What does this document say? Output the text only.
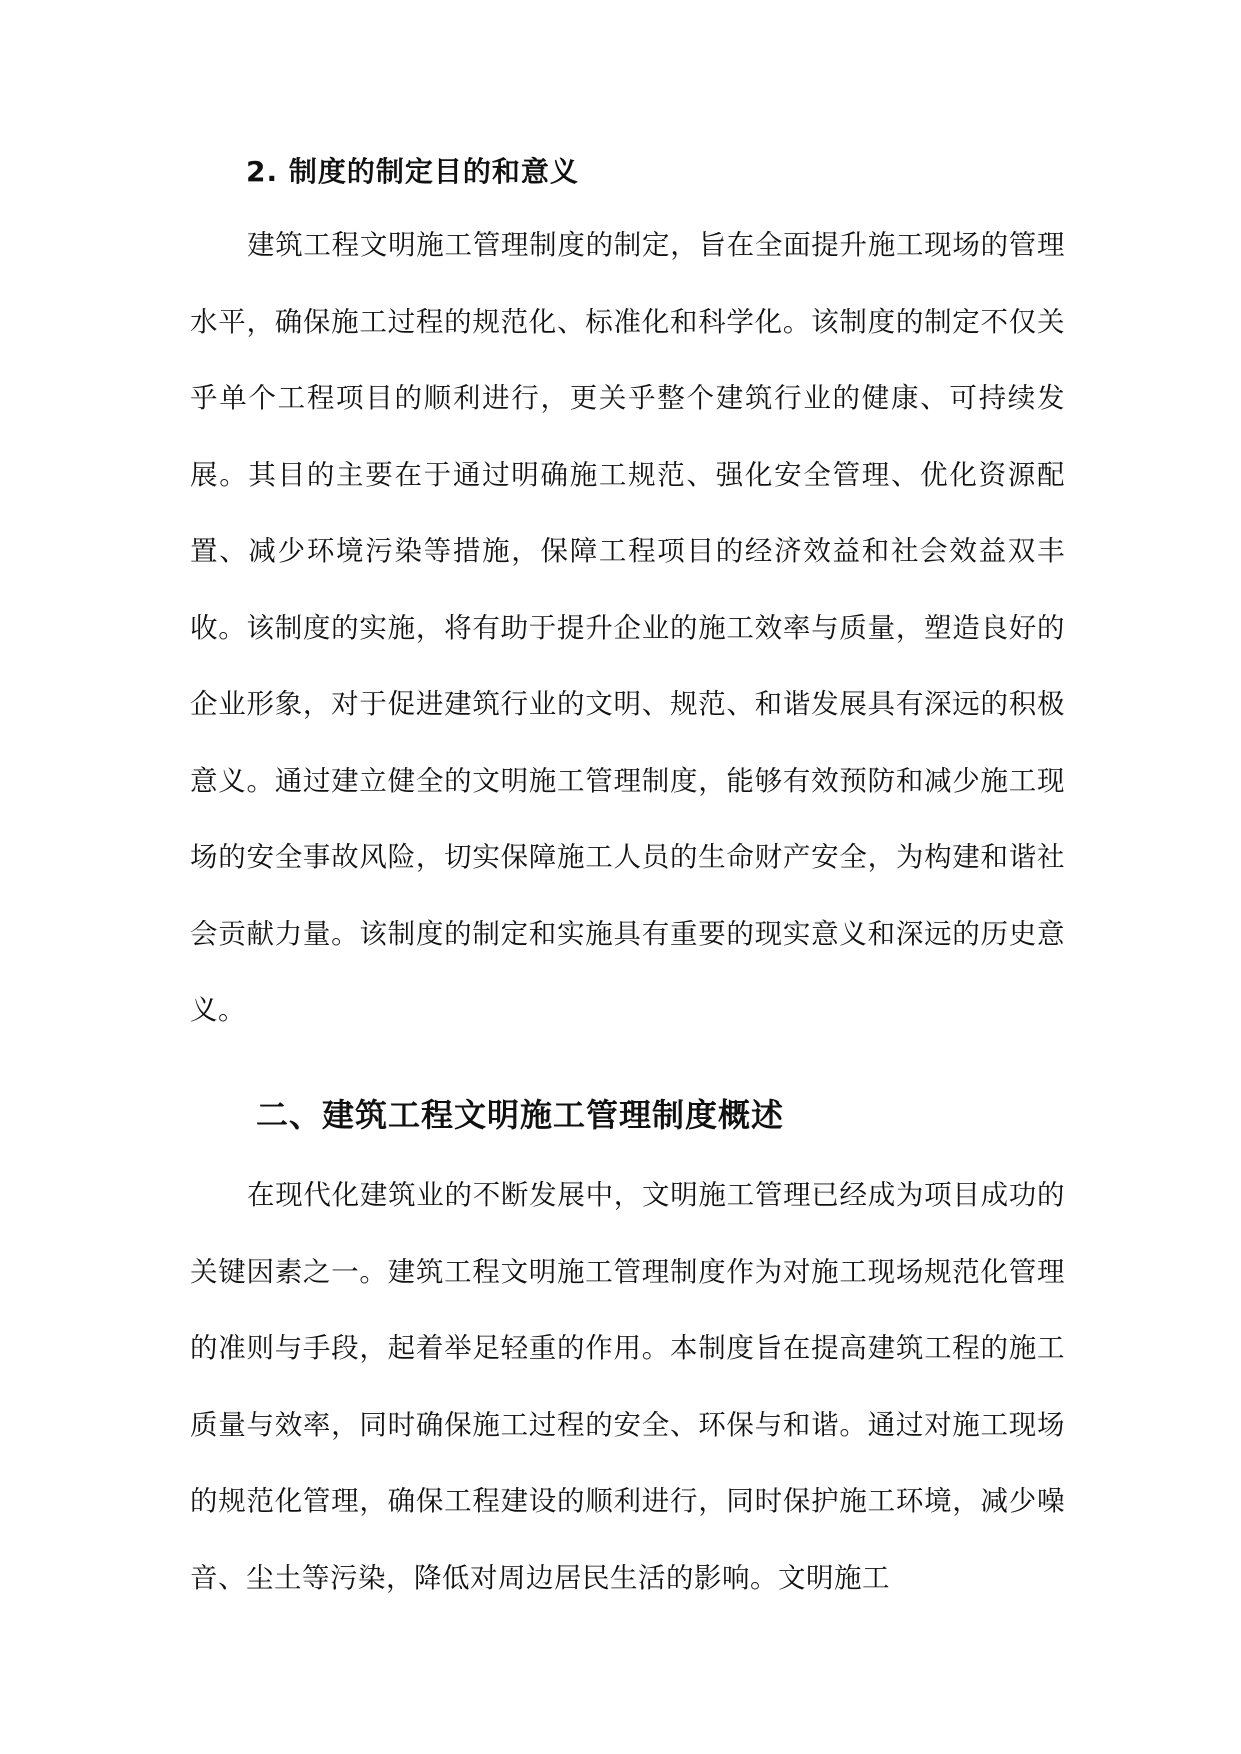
2. 制度的制定目的和意义
建筑工程文明施工管理制度的制定，旨在全面提升施工现场的管理水平，确保施工过程的规范化、标准化和科学化。该制度的制定不仅关乎单个工程项目的顺利进行，更关乎整个建筑行业的健康、可持续发展。其目的主要在于通过明确施工规范、强化安全管理、优化资源配置、减少环境污染等措施，保障工程项目的经济效益和社会效益双丰收。该制度的实施，将有助于提升企业的施工效率与质量，塑造良好的企业形象，对于促进建筑行业的文明、规范、和谐发展具有深远的积极意义。通过建立健全的文明施工管理制度，能够有效预防和减少施工现场的安全事故风险，切实保障施工人员的生命财产安全，为构建和谐社会贡献力量。该制度的制定和实施具有重要的现实意义和深远的历史意义。
二、建筑工程文明施工管理制度概述
在现代化建筑业的不断发展中，文明施工管理已经成为项目成功的关键因素之一。建筑工程文明施工管理制度作为对施工现场规范化管理的准则与手段，起着举足轻重的作用。本制度旨在提高建筑工程的施工质量与效率，同时确保施工过程的安全、环保与和谐。通过对施工现场的规范化管理，确保工程建设的顺利进行，同时保护施工环境，减少噪音、尘土等污染，降低对周边居民生活的影响。文明施工
